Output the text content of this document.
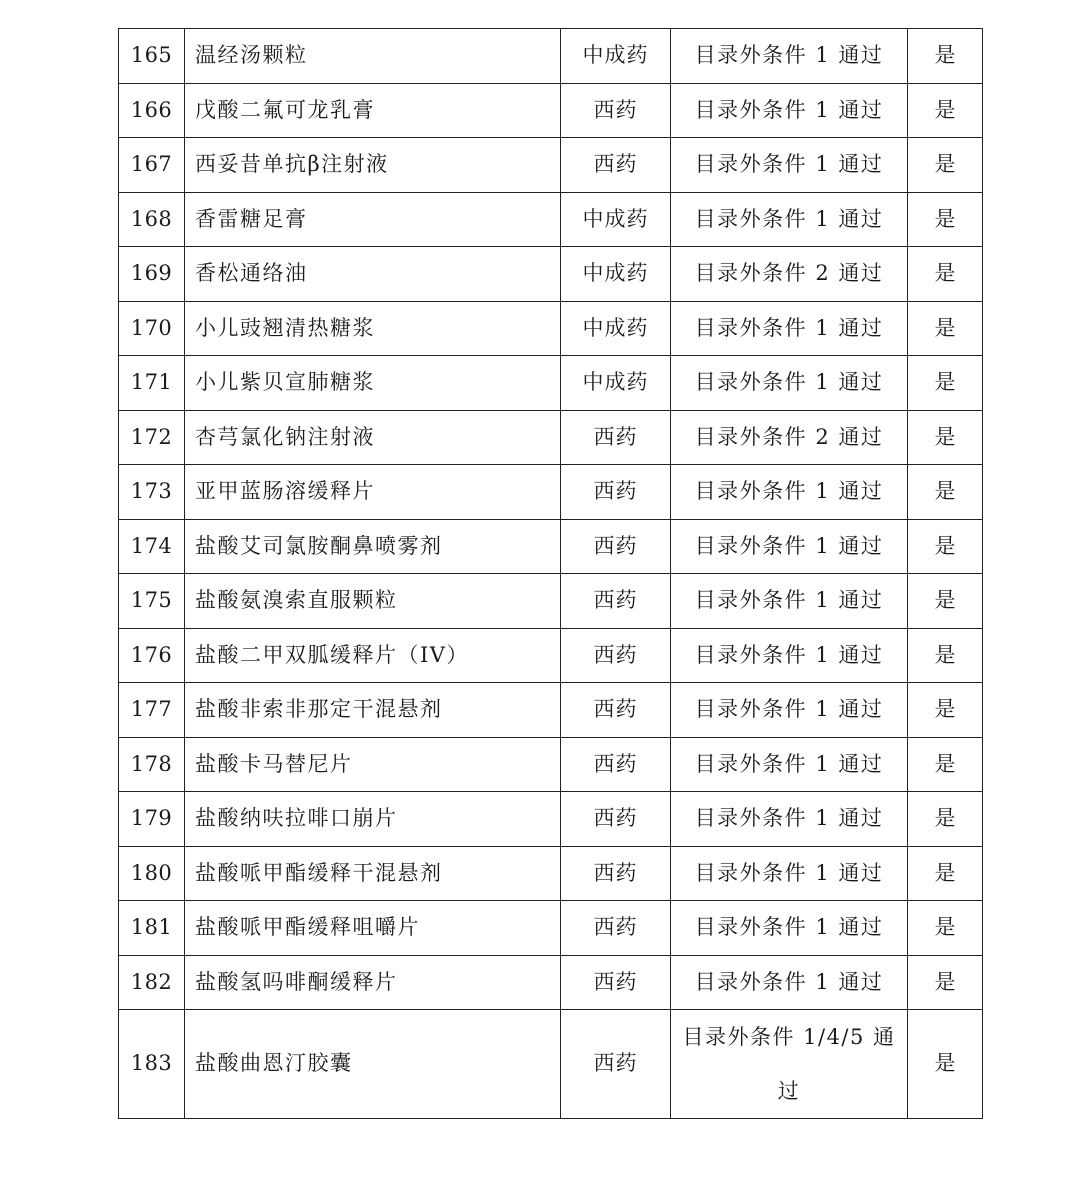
165	温经汤颗粒	中成药	目录外条件 1 通过	是
166	戊酸二氟可龙乳膏	西药	目录外条件 1 通过	是
167	西妥昔单抗β注射液	西药	目录外条件 1 通过	是
168	香雷糖足膏	中成药	目录外条件 1 通过	是
169	香松通络油	中成药	目录外条件 2 通过	是
170	小儿豉翘清热糖浆	中成药	目录外条件 1 通过	是
171	小儿紫贝宣肺糖浆	中成药	目录外条件 1 通过	是
172	杏芎氯化钠注射液	西药	目录外条件 2 通过	是
173	亚甲蓝肠溶缓释片	西药	目录外条件 1 通过	是
174	盐酸艾司氯胺酮鼻喷雾剂	西药	目录外条件 1 通过	是
175	盐酸氨溴索直服颗粒	西药	目录外条件 1 通过	是
176	盐酸二甲双胍缓释片（IV）	西药	目录外条件 1 通过	是
177	盐酸非索非那定干混悬剂	西药	目录外条件 1 通过	是
178	盐酸卡马替尼片	西药	目录外条件 1 通过	是
179	盐酸纳呋拉啡口崩片	西药	目录外条件 1 通过	是
180	盐酸哌甲酯缓释干混悬剂	西药	目录外条件 1 通过	是
181	盐酸哌甲酯缓释咀嚼片	西药	目录外条件 1 通过	是
182	盐酸氢吗啡酮缓释片	西药	目录外条件 1 通过	是
183	盐酸曲恩汀胶囊	西药	目录外条件 1/4/5 通过	是
